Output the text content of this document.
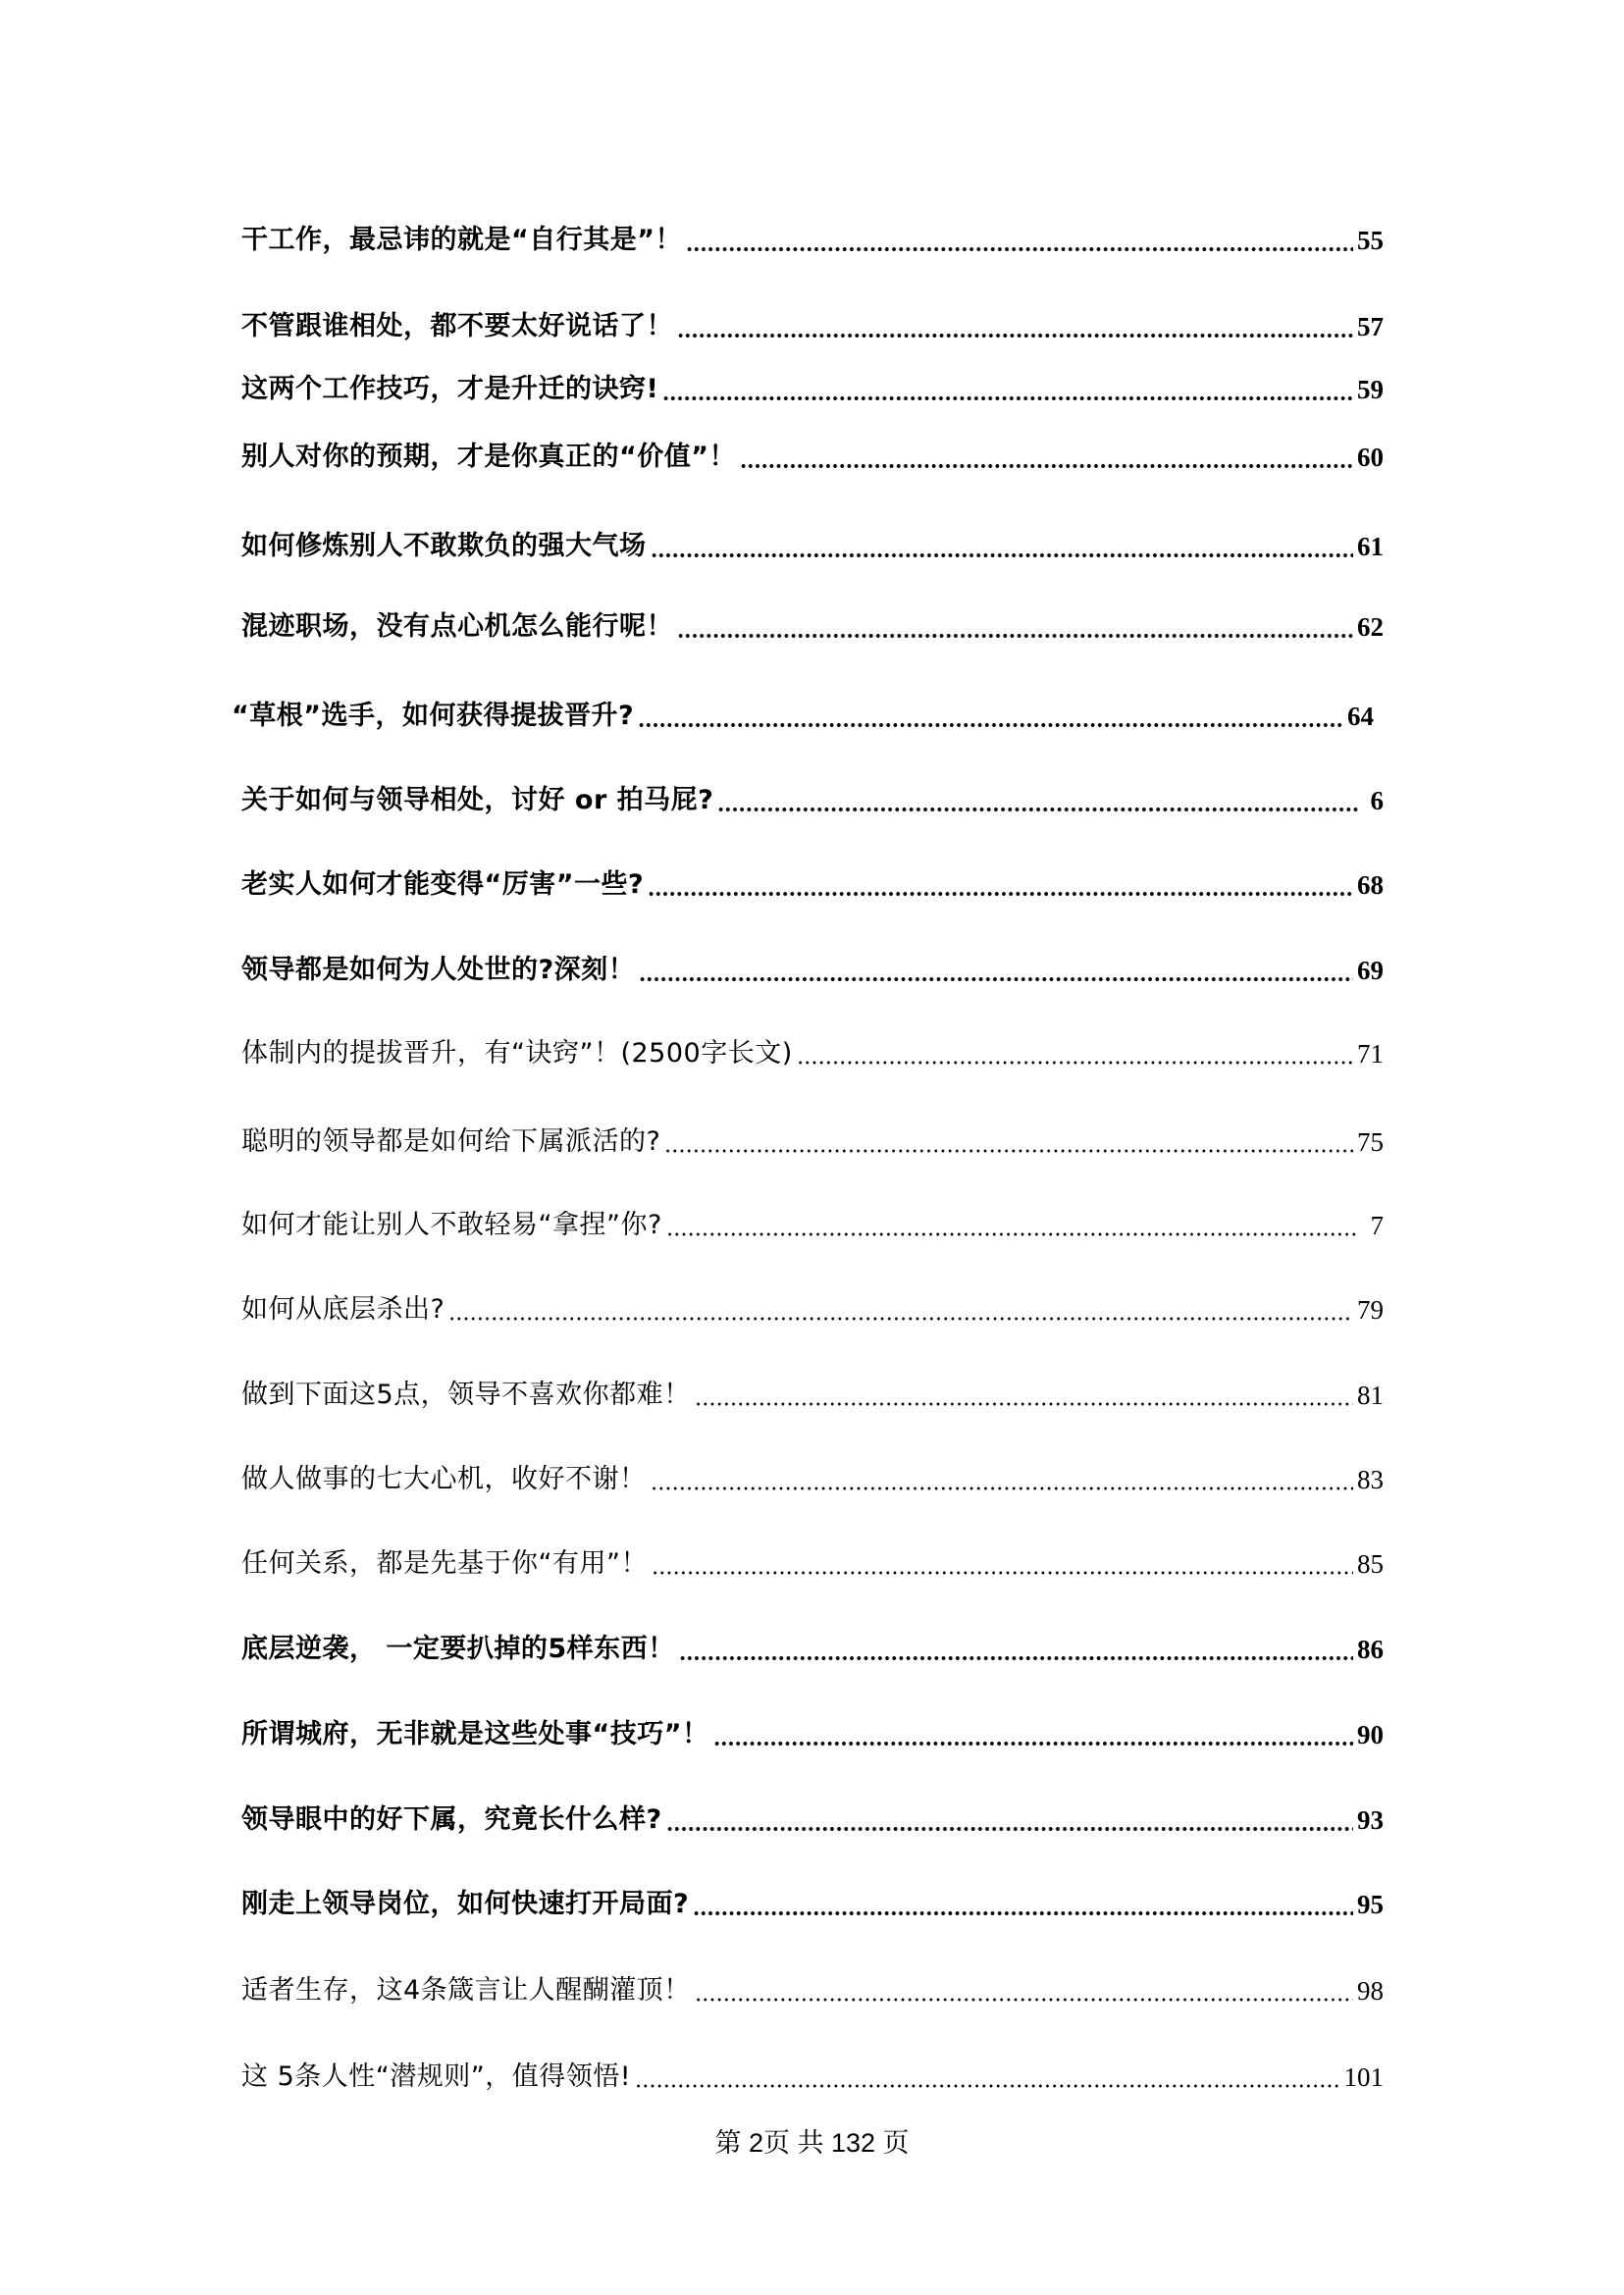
干工作，最忌讳的就是“自行其是”！	55
不管跟谁相处，都不要太好说话了！	57
这两个工作技巧，才是升迁的诀窍!	59
别人对你的预期，才是你真正的“价值”！	60
如何修炼别人不敢欺负的强大气场	61
混迹职场，没有点心机怎么能行呢！	62
“草根”选手，如何获得提拔晋升?	64
关于如何与领导相处，讨好 or 拍马屁?	6
老实人如何才能变得“厉害”一些?	68
领导都是如何为人处世的?深刻！	69
体制内的提拔晋升，有“诀窍”！(2500字长文)	71
聪明的领导都是如何给下属派活的?	75
如何才能让别人不敢轻易“拿捏”你?	7
如何从底层杀出?	79
做到下面这5点，领导不喜欢你都难！	81
做人做事的七大心机，收好不谢！	83
任何关系，都是先基于你“有用”！	85
底层逆袭， 一定要扒掉的5样东西！	86
所谓城府，无非就是这些处事“技巧”！	90
领导眼中的好下属，究竟长什么样?	93
刚走上领导岗位，如何快速打开局面?	95
适者生存，这4条箴言让人醒醐灌顶！	98
这 5条人性“潜规则”，值得领悟!	101
第 2页 共 132 页
